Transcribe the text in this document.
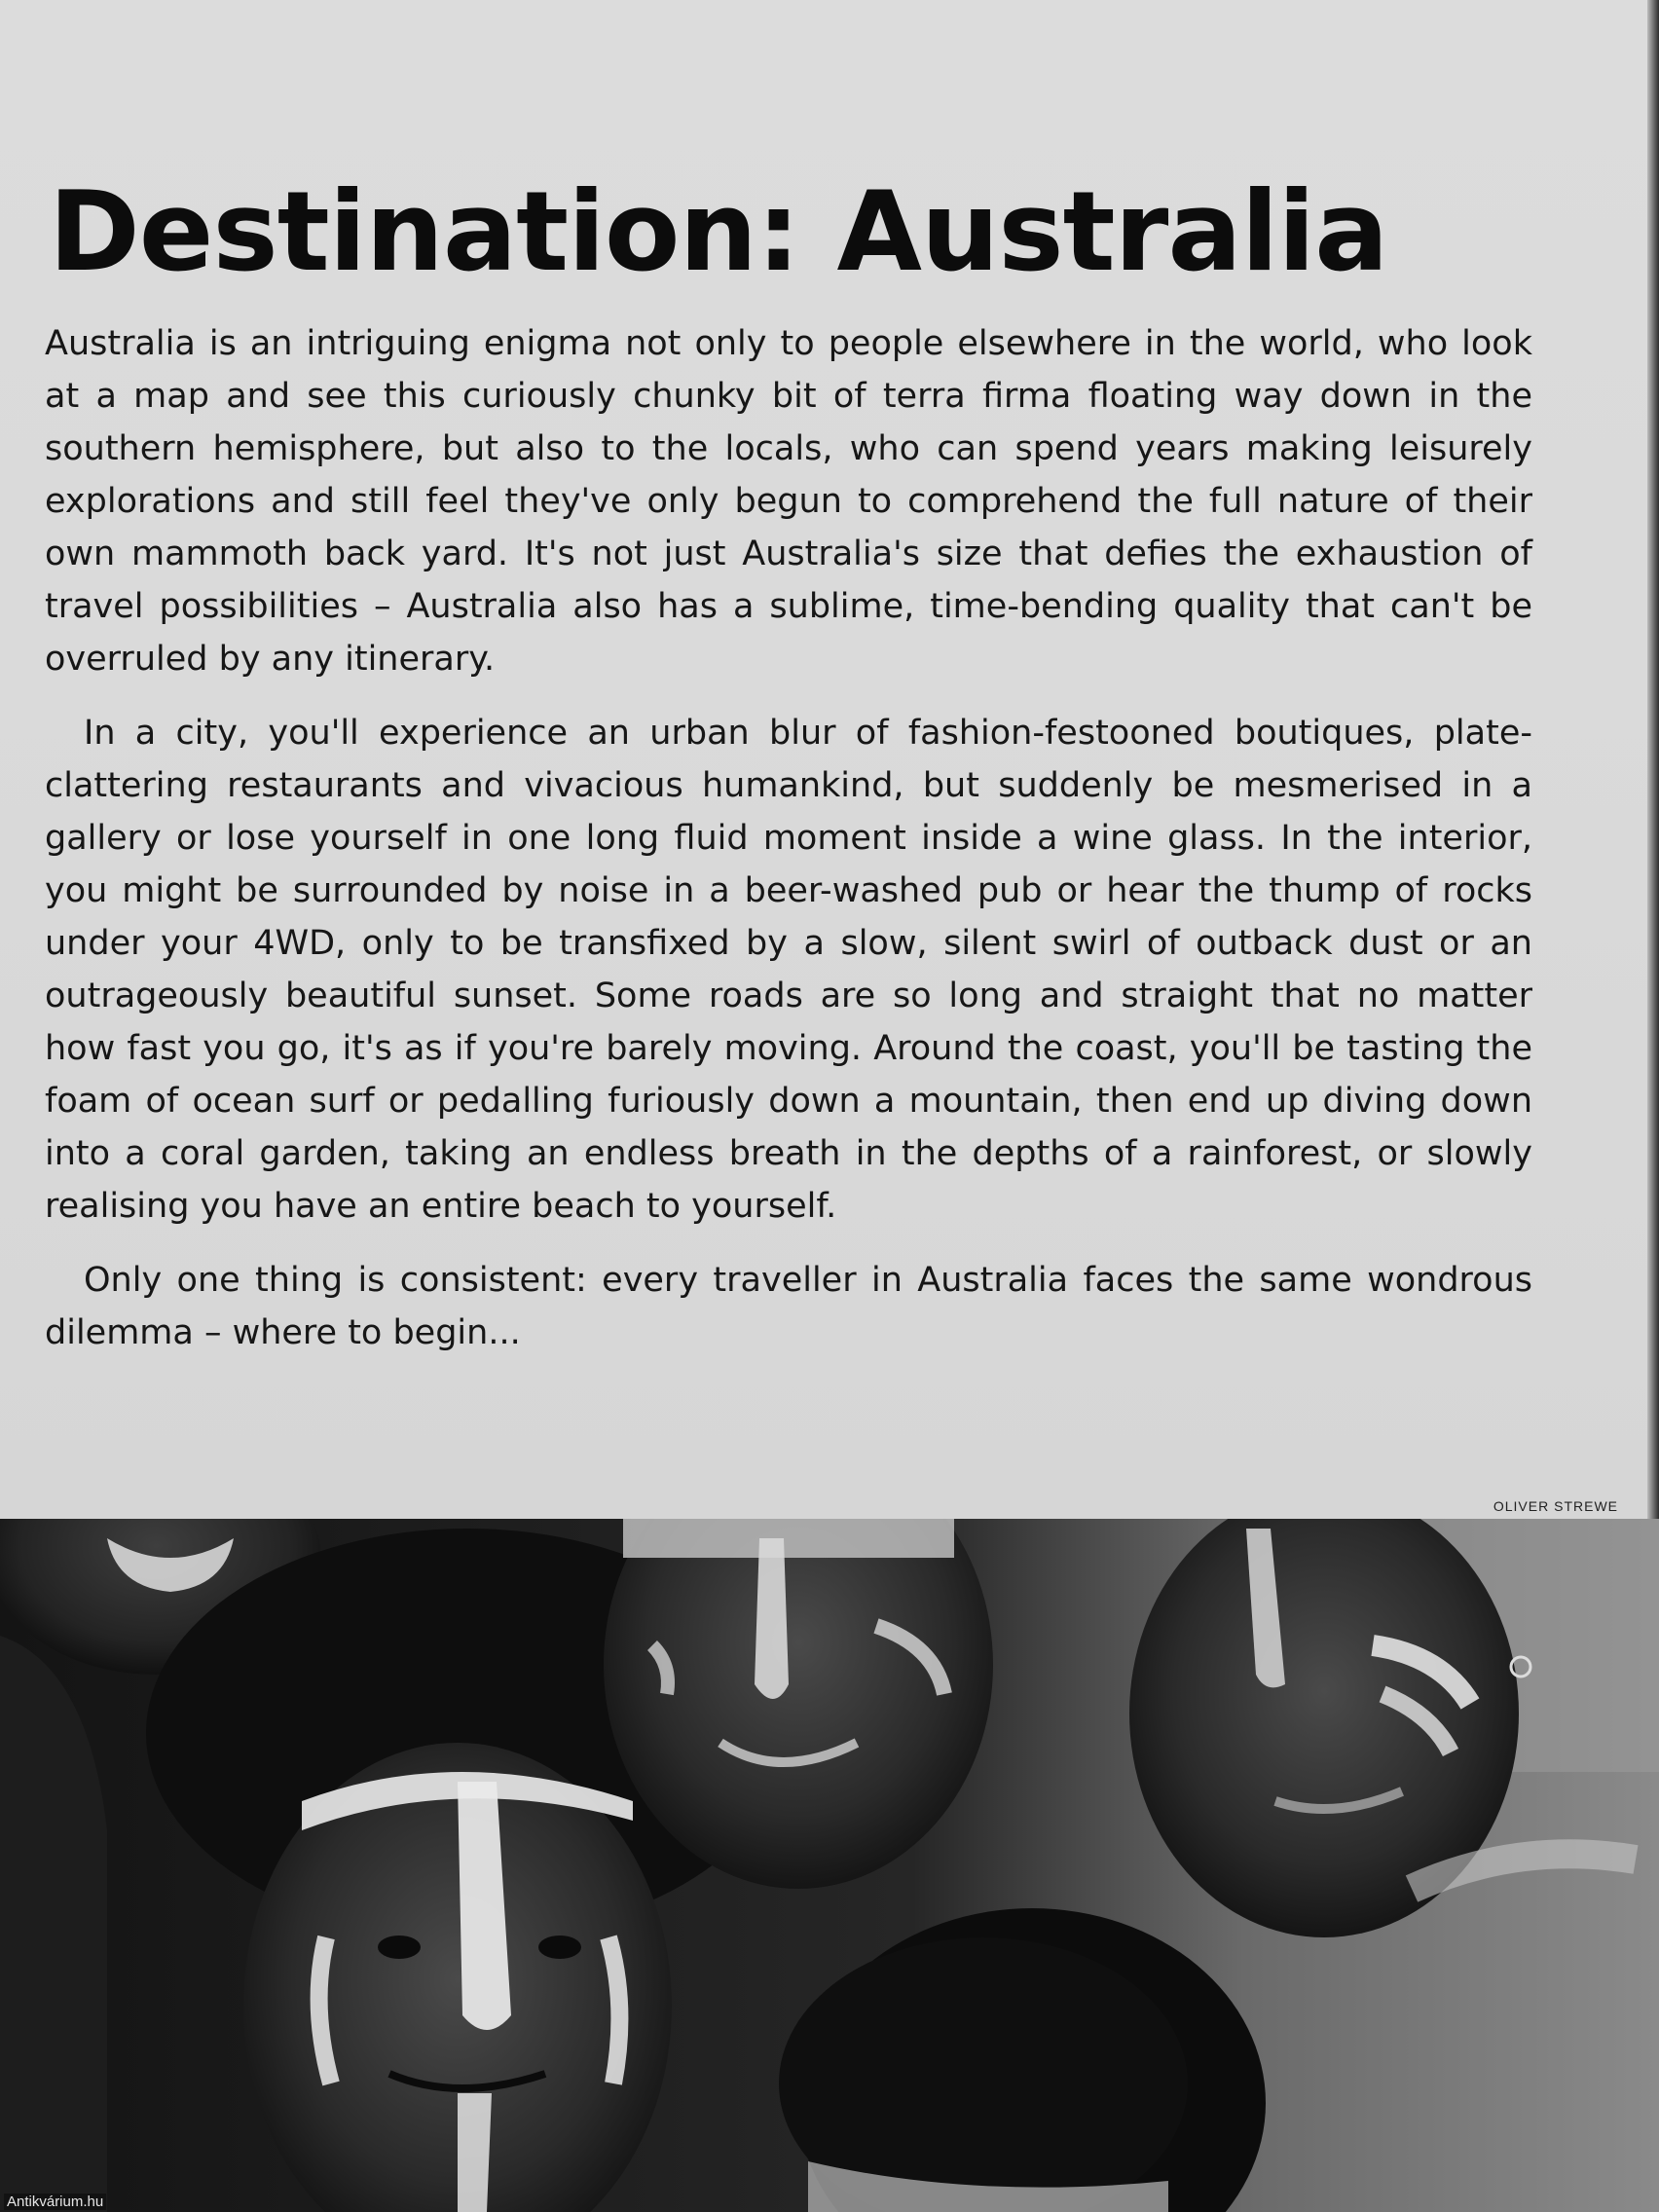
Destination: Australia

Australia is an intriguing enigma not only to people elsewhere in the world, who look at a map and see this curiously chunky bit of terra firma floating way down in the southern hemisphere, but also to the locals, who can spend years making leisurely explorations and still feel they've only begun to comprehend the full nature of their own mammoth back yard. It's not just Australia's size that defies the exhaustion of travel possibilities – Australia also has a sublime, time-bending quality that can't be overruled by any itinerary.

In a city, you'll experience an urban blur of fashion-festooned boutiques, plate-clattering restaurants and vivacious humankind, but suddenly be mesmerised in a gallery or lose yourself in one long fluid moment inside a wine glass. In the interior, you might be surrounded by noise in a beer-washed pub or hear the thump of rocks under your 4WD, only to be transfixed by a slow, silent swirl of outback dust or an outrageously beautiful sunset. Some roads are so long and straight that no matter how fast you go, it's as if you're barely moving. Around the coast, you'll be tasting the foam of ocean surf or pedalling furiously down a mountain, then end up diving down into a coral garden, taking an endless breath in the depths of a rainforest, or slowly realising you have an entire beach to yourself.

Only one thing is consistent: every traveller in Australia faces the same wondrous dilemma – where to begin...

OLIVER STREWE
Antikvárium.hu
